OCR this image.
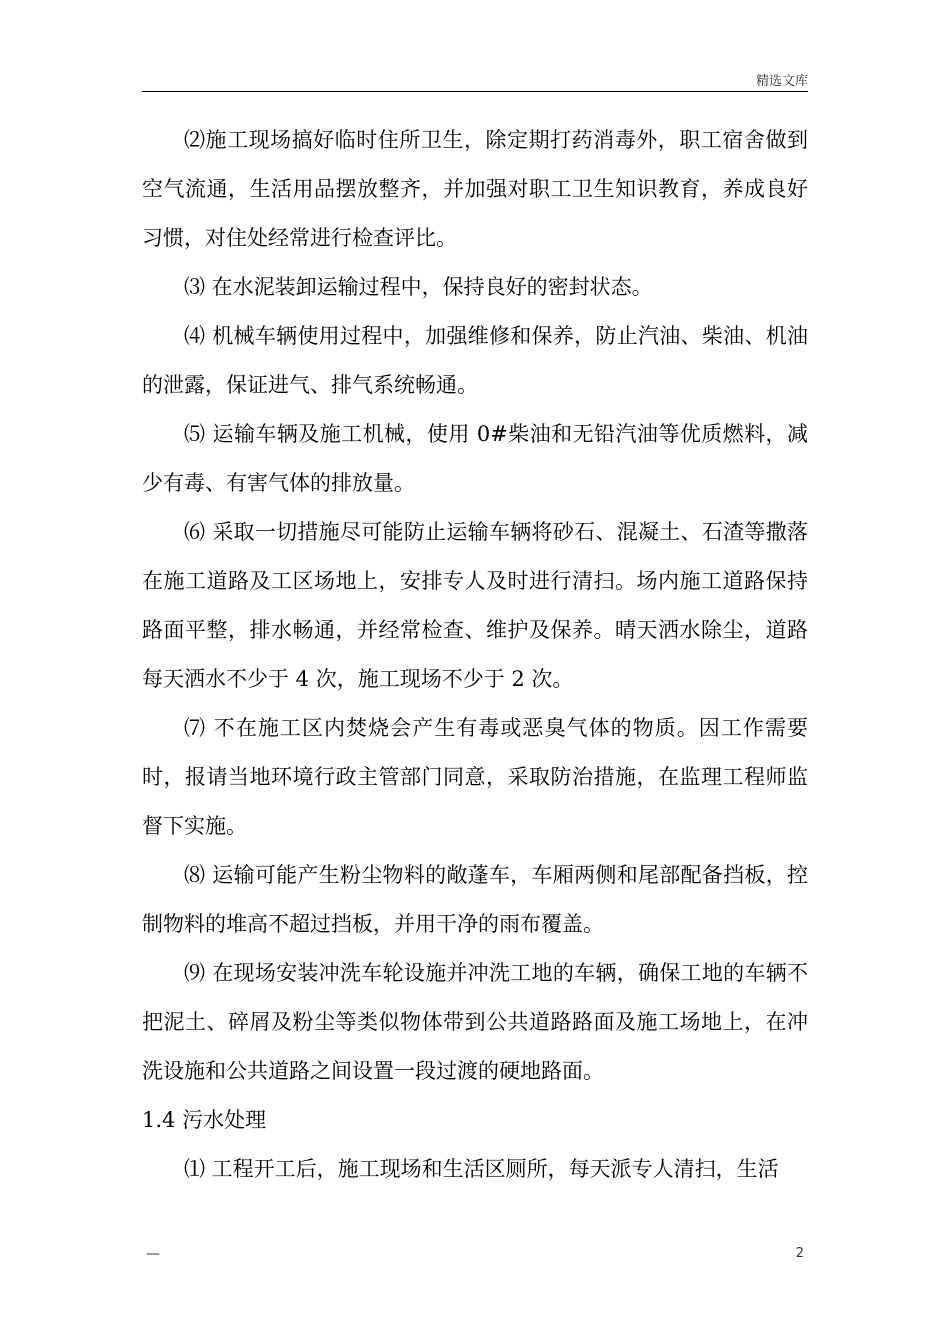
精选文库

⑵施工现场搞好临时住所卫生，除定期打药消毒外，职工宿舍做到空气流通，生活用品摆放整齐，并加强对职工卫生知识教育，养成良好习惯，对住处经常进行检查评比。

⑶ 在水泥装卸运输过程中，保持良好的密封状态。

⑷ 机械车辆使用过程中，加强维修和保养，防止汽油、柴油、机油的泄露，保证进气、排气系统畅通。

⑸ 运输车辆及施工机械，使用 0#柴油和无铅汽油等优质燃料，减少有毒、有害气体的排放量。

⑹ 采取一切措施尽可能防止运输车辆将砂石、混凝土、石渣等撒落在施工道路及工区场地上，安排专人及时进行清扫。场内施工道路保持路面平整，排水畅通，并经常检查、维护及保养。晴天洒水除尘，道路每天洒水不少于 4 次，施工现场不少于 2 次。

⑺ 不在施工区内焚烧会产生有毒或恶臭气体的物质。因工作需要时，报请当地环境行政主管部门同意，采取防治措施，在监理工程师监督下实施。

⑻ 运输可能产生粉尘物料的敞蓬车，车厢两侧和尾部配备挡板，控制物料的堆高不超过挡板，并用干净的雨布覆盖。

⑼ 在现场安装冲洗车轮设施并冲洗工地的车辆，确保工地的车辆不把泥土、碎屑及粉尘等类似物体带到公共道路路面及施工场地上，在冲洗设施和公共道路之间设置一段过渡的硬地路面。

1.4 污水处理

⑴ 工程开工后，施工现场和生活区厕所，每天派专人清扫，生活

—	2
